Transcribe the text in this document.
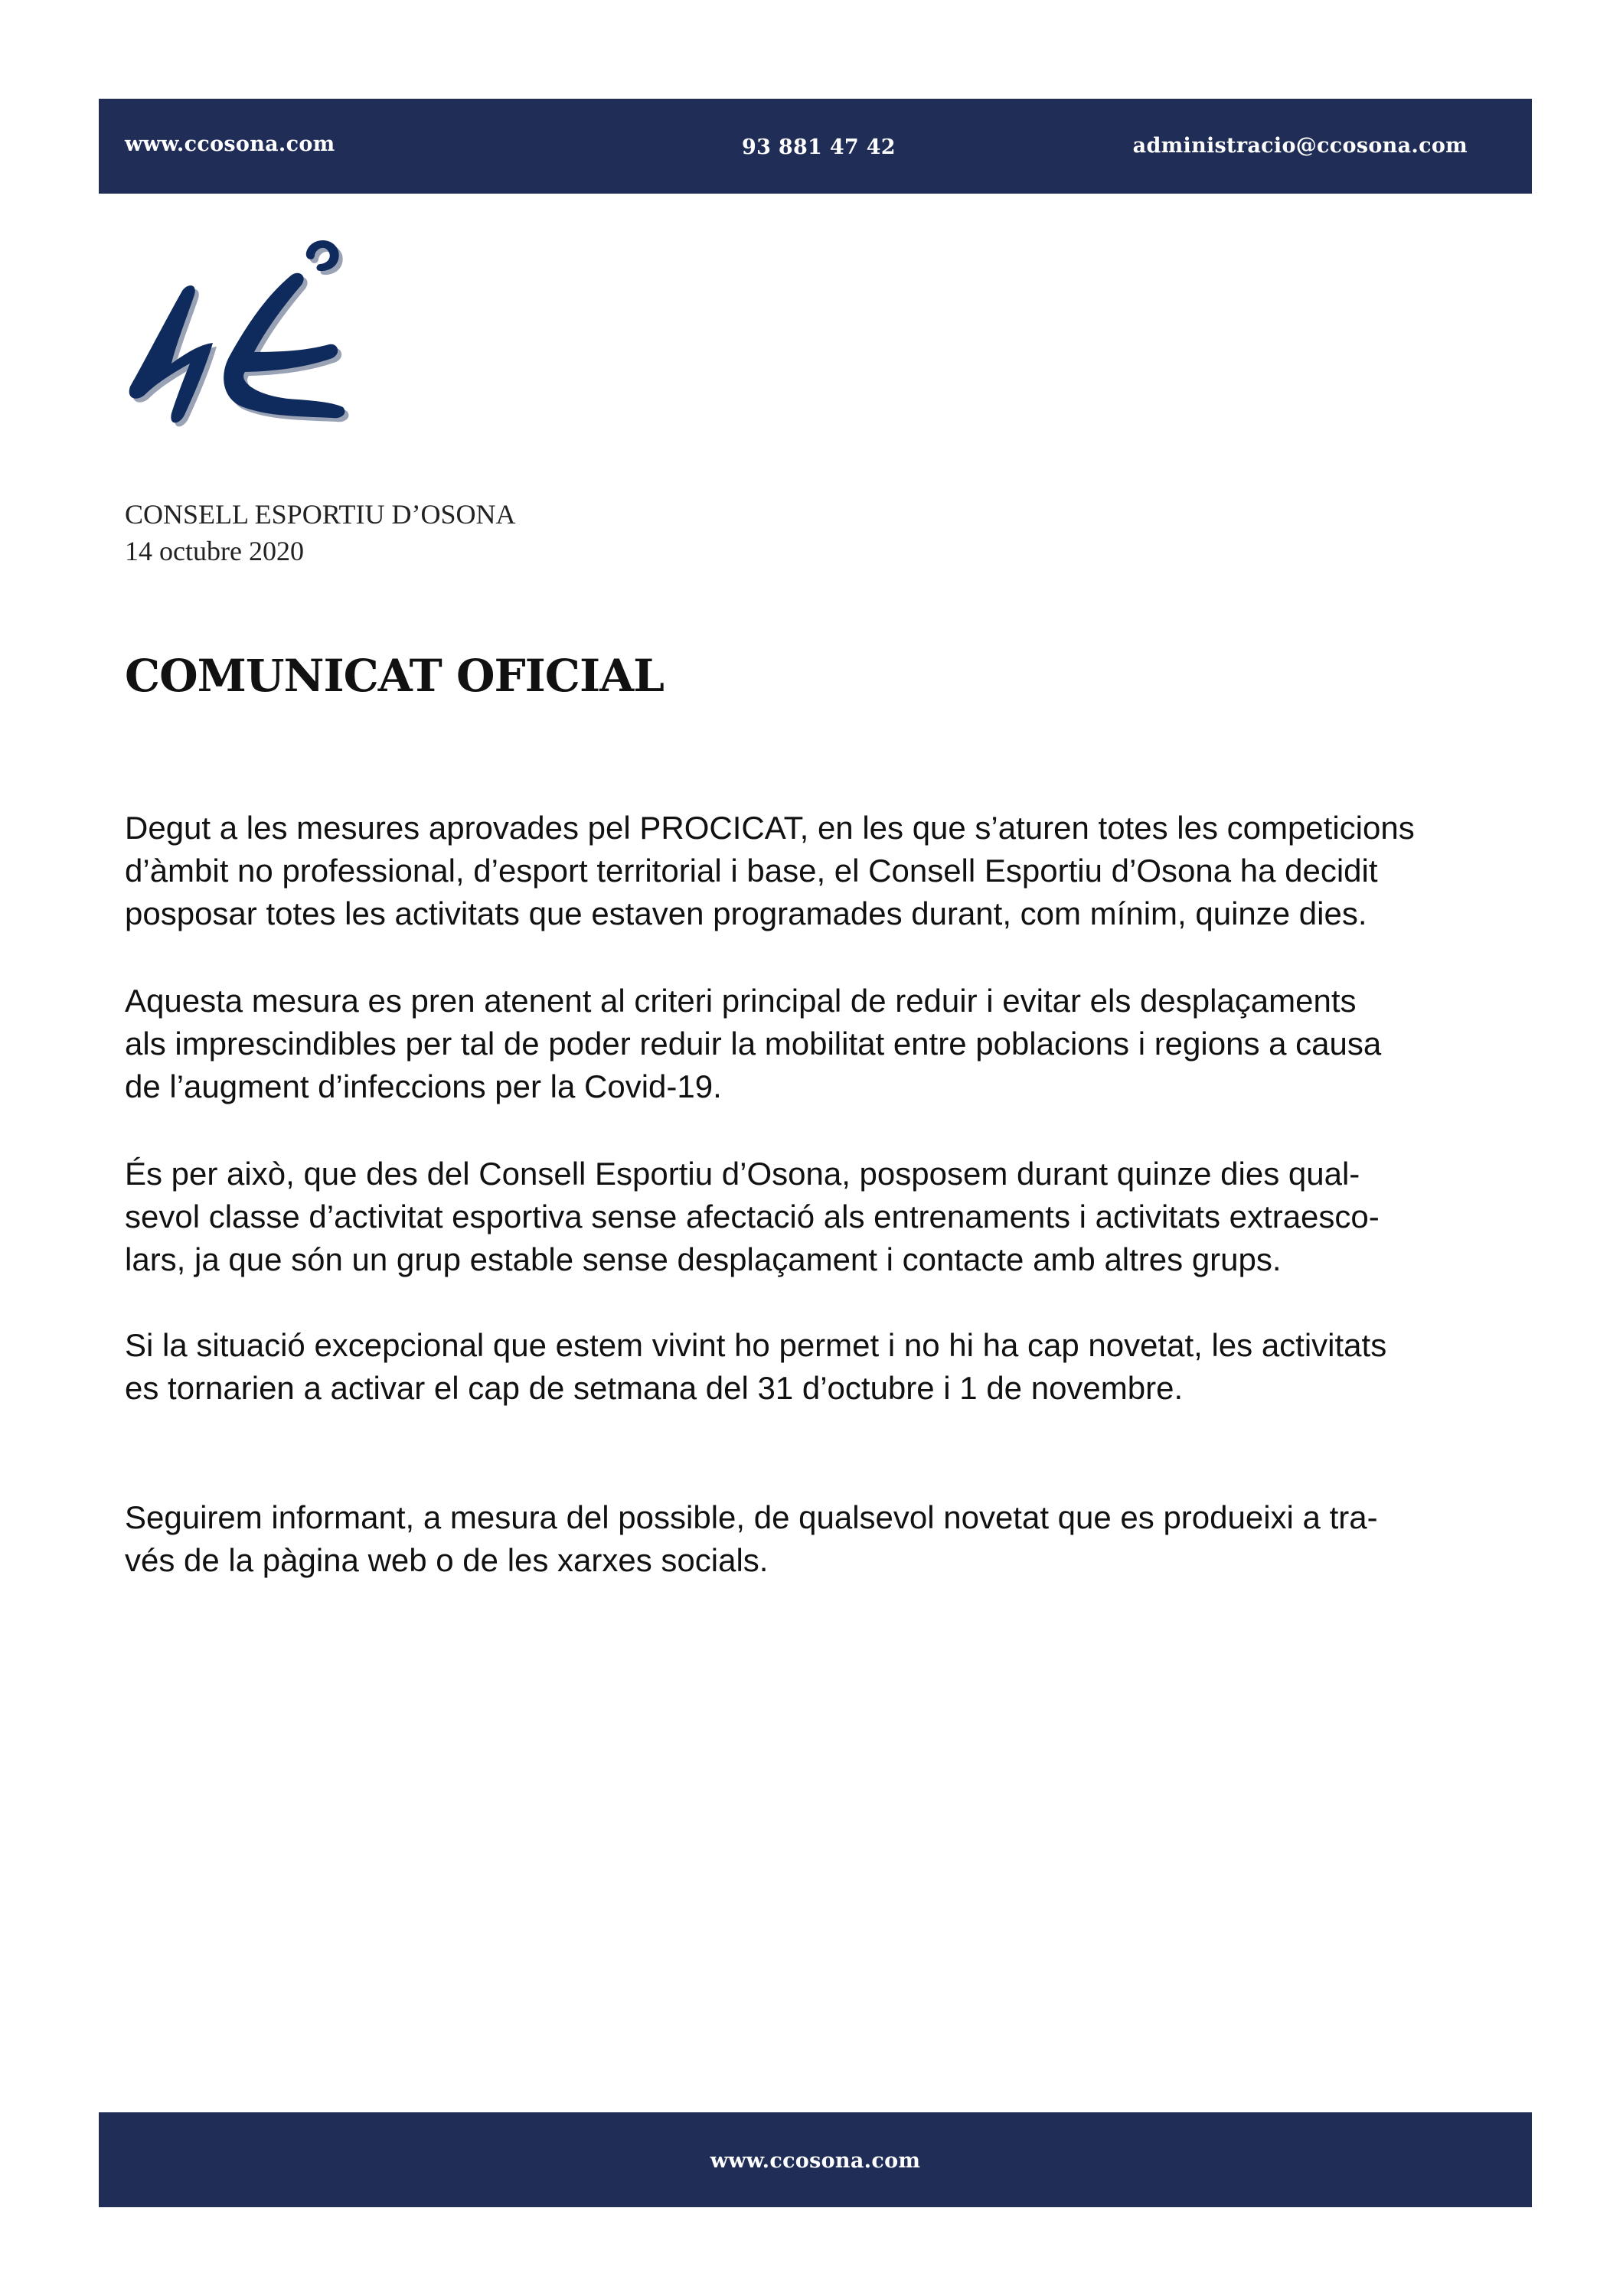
www.ccosona.com	93 881 47 42	administracio@ccosona.com
CONSELL ESPORTIU D’OSONA
14 octubre 2020
COMUNICAT OFICIAL
Degut a les mesures aprovades pel PROCICAT, en les que s’aturen totes les competicions
d’àmbit no professional, d’esport territorial i base, el Consell Esportiu d’Osona ha decidit
posposar totes les activitats que estaven programades durant, com mínim, quinze dies.
Aquesta mesura es pren atenent al criteri principal de reduir i evitar els desplaçaments
als imprescindibles per tal de poder reduir la mobilitat entre poblacions i regions a causa
de l’augment d’infeccions per la Covid-19.
És per això, que des del Consell Esportiu d’Osona, posposem durant quinze dies qual-
sevol classe d’activitat esportiva sense afectació als entrenaments i activitats extraesco-
lars, ja que són un grup estable sense desplaçament i contacte amb altres grups.
Si la situació excepcional que estem vivint ho permet i no hi ha cap novetat, les activitats
es tornarien a activar el cap de setmana del 31 d’octubre i 1 de novembre.
Seguirem informant, a mesura del possible, de qualsevol novetat que es produeixi a tra-
vés de la pàgina web o de les xarxes socials.
www.ccosona.com
